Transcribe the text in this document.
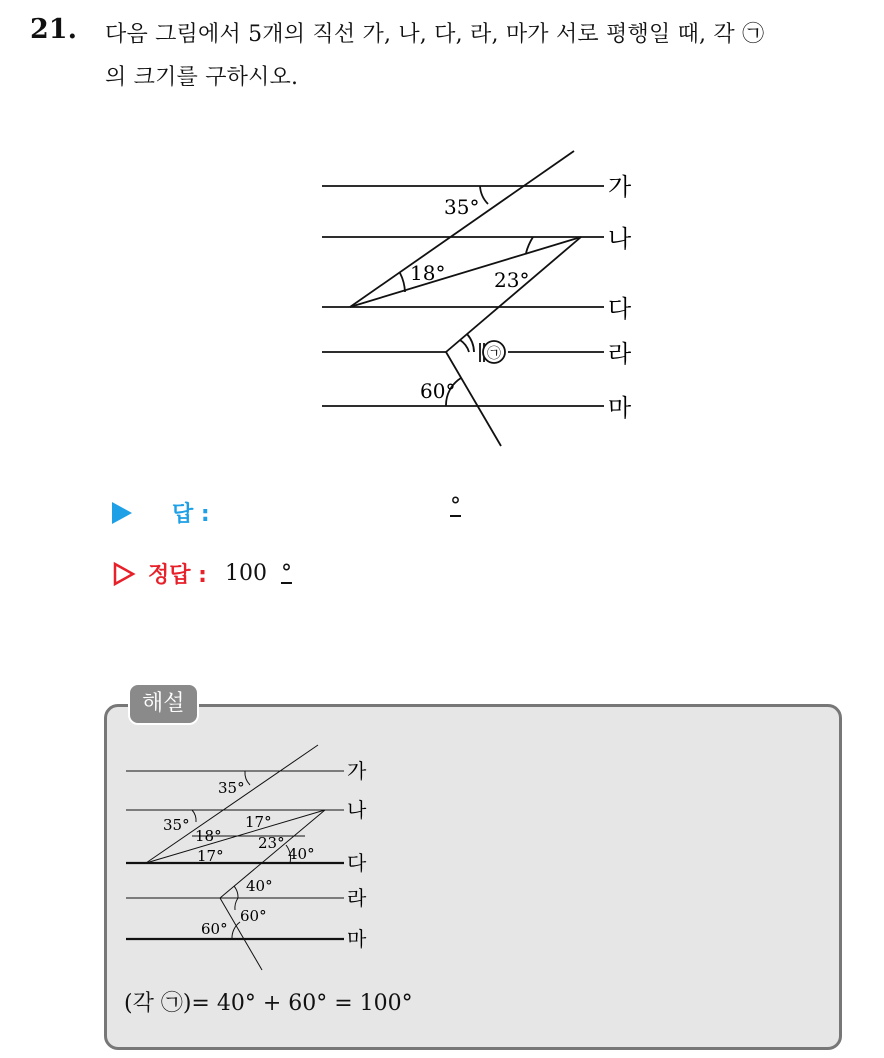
21. 다음 그림에서 5개의 직선 가, 나, 다, 라, 마가 서로 평행일 때, 각 ㉠
의 크기를 구하시오.
㉠
35°
18° 23°
60°
가
나
다
라
마
답 :	°
정답 : 100 °
해설
35°
35°
18°
17°
17°
23°
40°
40°
60°
60°
가
나
다
라
마
(각 ㉠)= 40° + 60° = 100°
